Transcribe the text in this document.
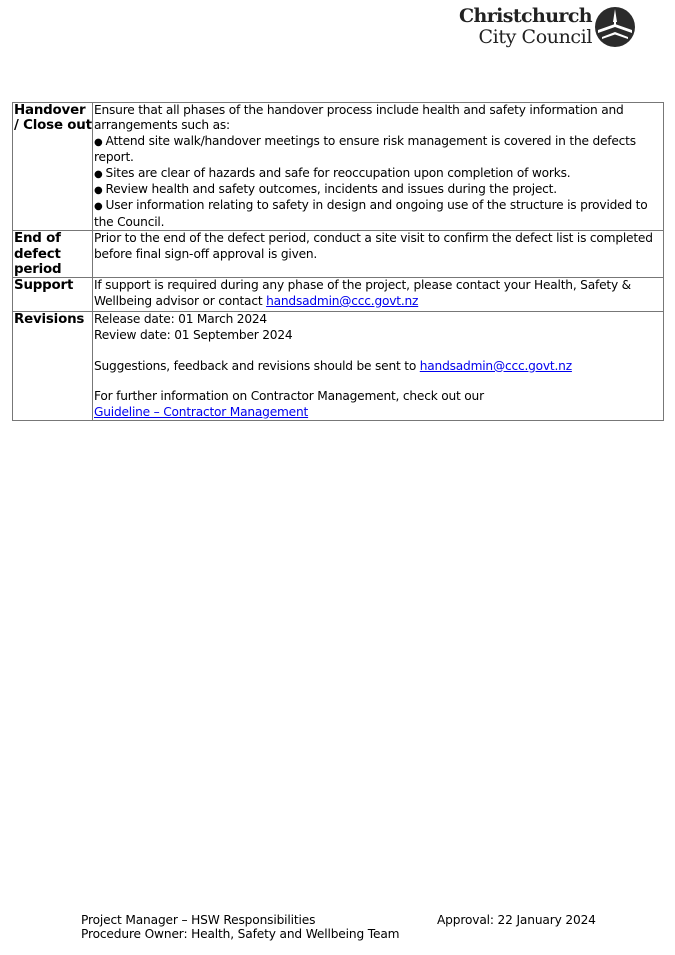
Christchurch
City Council
Handover / Close out	Ensure that all phases of the handover process include health and safety information and arrangements such as:
● Attend site walk/handover meetings to ensure risk management is covered in the defects report.
● Sites are clear of hazards and safe for reoccupation upon completion of works.
● Review health and safety outcomes, incidents and issues during the project.
● User information relating to safety in design and ongoing use of the structure is provided to the Council.

End of defect period	Prior to the end of the defect period, conduct a site visit to confirm the defect list is completed before final sign-off approval is given.
Support	If support is required during any phase of the project, please contact your Health, Safety & Wellbeing advisor or contact handsadmin@ccc.govt.nz
Revisions	Release date: 01 March 2024
Review date: 01 September 2024
Suggestions, feedback and revisions should be sent to handsadmin@ccc.govt.nz
For further information on Contractor Management, check out our
Guideline – Contractor Management
Project Manager – HSW Responsibilities	Approval: 22 January 2024
Procedure Owner: Health, Safety and Wellbeing Team
